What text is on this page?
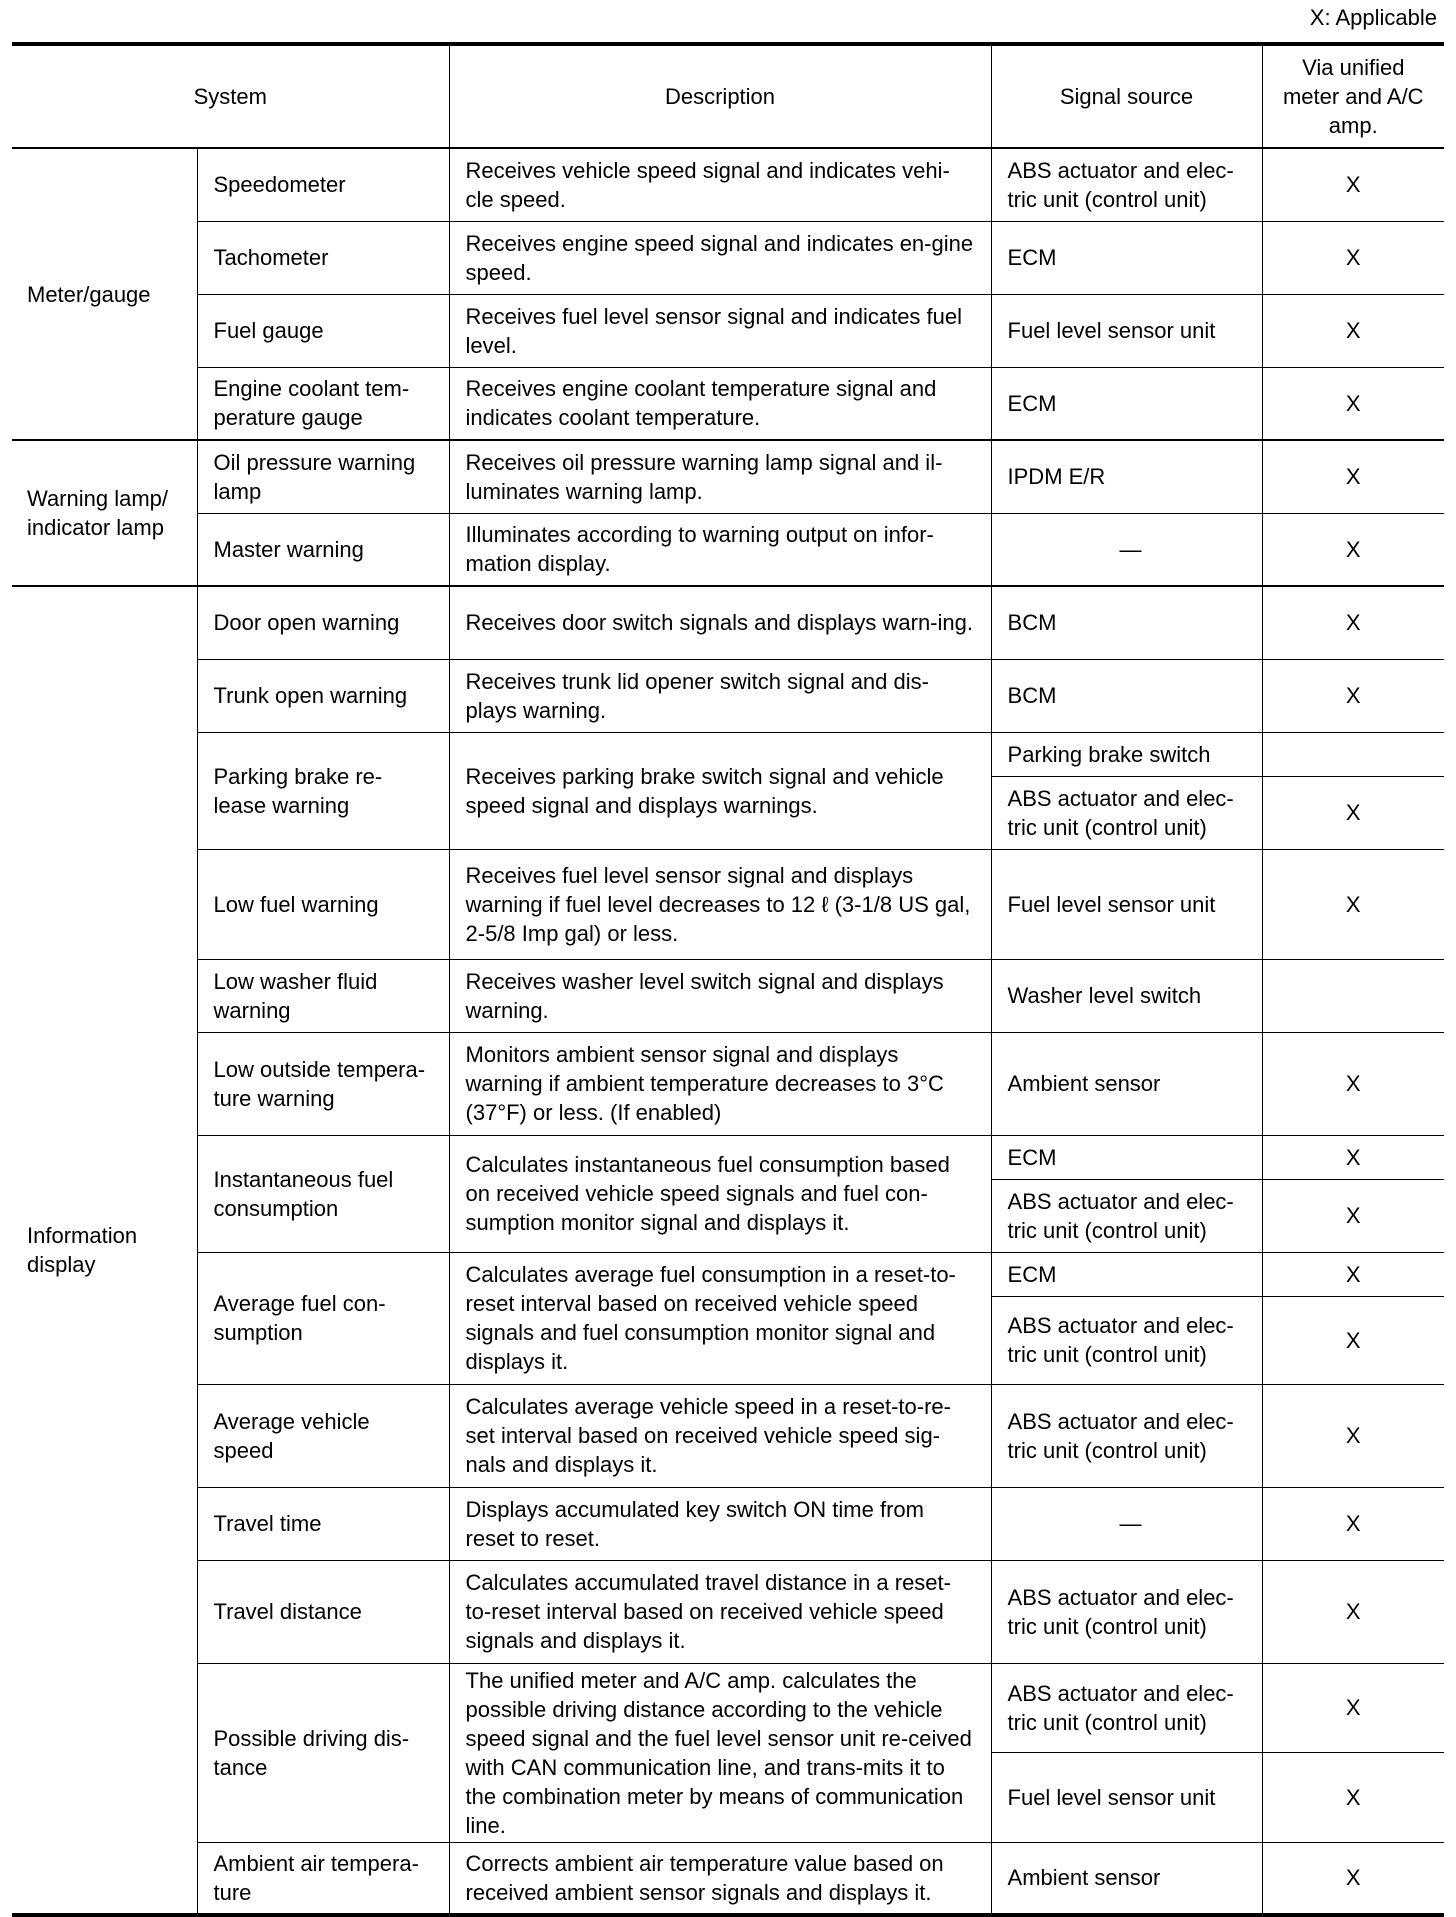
X: Applicable
System		Description	Signal source	Via unified meter and A/C amp.
Meter/gauge	Speedometer	Receives vehicle speed signal and indicates vehi-cle speed.	ABS actuator and elec-tric unit (control unit)	X
	Tachometer	Receives engine speed signal and indicates en-gine speed.	ECM	X
	Fuel gauge	Receives fuel level sensor signal and indicates fuel level.	Fuel level sensor unit	X
	Engine coolant tem-perature gauge	Receives engine coolant temperature signal and indicates coolant temperature.	ECM	X
Warning lamp/ indicator lamp	Oil pressure warning lamp	Receives oil pressure warning lamp signal and il-luminates warning lamp.	IPDM E/R	X
	Master warning	Illuminates according to warning output on infor-mation display.	—	X
Information display	Door open warning	Receives door switch signals and displays warn-ing.	BCM	X
	Trunk open warning	Receives trunk lid opener switch signal and dis-plays warning.	BCM	X
	Parking brake re-lease warning	Receives parking brake switch signal and vehicle speed signal and displays warnings.	Parking brake switch	
			ABS actuator and elec-tric unit (control unit)	X
	Low fuel warning	Receives fuel level sensor signal and displays warning if fuel level decreases to 12 ℓ (3-1/8 US gal, 2-5/8 Imp gal) or less.	Fuel level sensor unit	X
	Low washer fluid warning	Receives washer level switch signal and displays warning.	Washer level switch	
	Low outside tempera-ture warning	Monitors ambient sensor signal and displays warning if ambient temperature decreases to 3°C (37°F) or less. (If enabled)	Ambient sensor	X
	Instantaneous fuel consumption	Calculates instantaneous fuel consumption based on received vehicle speed signals and fuel con-sumption monitor signal and displays it.	ECM	X
			ABS actuator and elec-tric unit (control unit)	X
	Average fuel con-sumption	Calculates average fuel consumption in a reset-to-reset interval based on received vehicle speed signals and fuel consumption monitor signal and displays it.	ECM	X
			ABS actuator and elec-tric unit (control unit)	X
	Average vehicle speed	Calculates average vehicle speed in a reset-to-re-set interval based on received vehicle speed sig-nals and displays it.	ABS actuator and elec-tric unit (control unit)	X
	Travel time	Displays accumulated key switch ON time from reset to reset.	—	X
	Travel distance	Calculates accumulated travel distance in a reset-to-reset interval based on received vehicle speed signals and displays it.	ABS actuator and elec-tric unit (control unit)	X
	Possible driving dis-tance	The unified meter and A/C amp. calculates the possible driving distance according to the vehicle speed signal and the fuel level sensor unit re-ceived with CAN communication line, and trans-mits it to the combination meter by means of communication line.	ABS actuator and elec-tric unit (control unit)	X
			Fuel level sensor unit	X
	Ambient air tempera-ture	Corrects ambient air temperature value based on received ambient sensor signals and displays it.	Ambient sensor	X
